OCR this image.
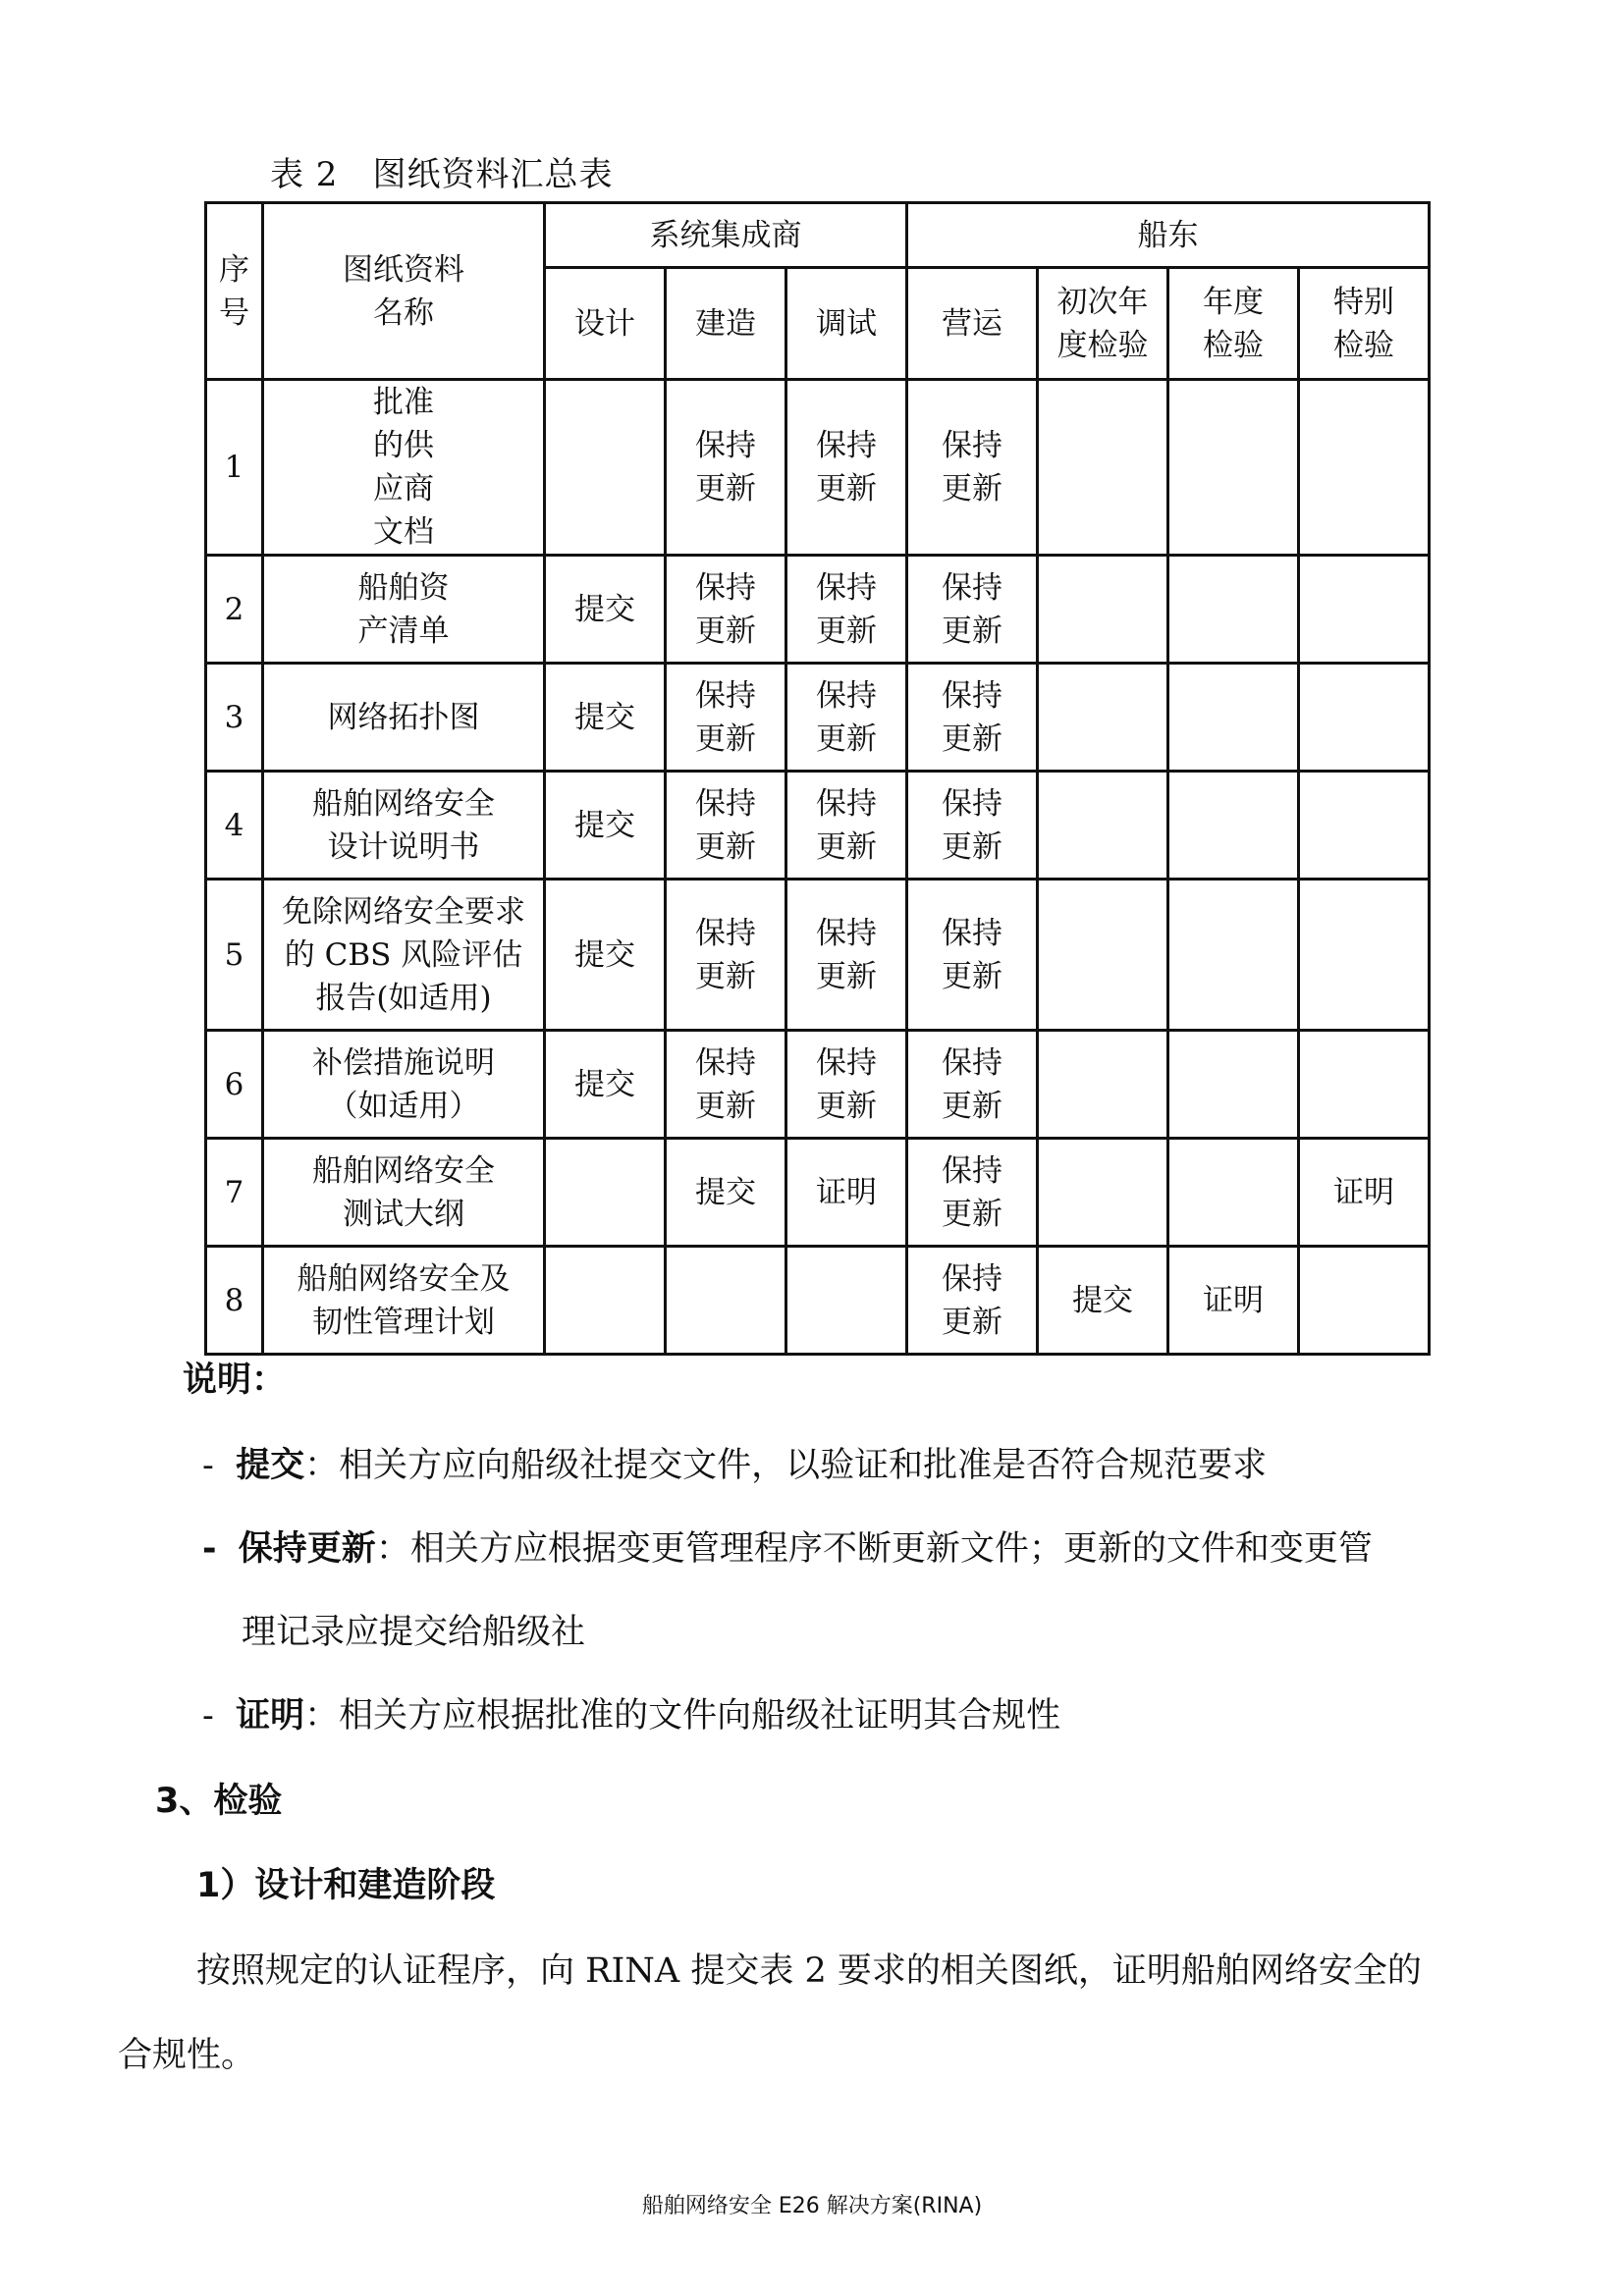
表 2　图纸资料汇总表
序号	图纸资料名称	系统集成商			船东			
		设计	建造	调试	营运	初次年度检验	年度检验	特别检验

1	批准的供应商文档		保持更新	保持更新	保持更新			

2	船舶资产清单	提交	保持更新	保持更新	保持更新			

3	网络拓扑图	提交	保持更新	保持更新	保持更新			

4	船舶网络安全设计说明书	提交	保持更新	保持更新	保持更新			

5	免除网络安全要求的 CBS 风险评估报告(如适用)	提交	保持更新	保持更新	保持更新			

6	补偿措施说明（如适用）	提交	保持更新	保持更新	保持更新			

7	船舶网络安全测试大纲		提交	证明	保持更新			证明

8	船舶网络安全及韧性管理计划				保持更新	提交	证明	

说明：
- 提交：相关方应向船级社提交文件，以验证和批准是否符合规范要求
- 保持更新：相关方应根据变更管理程序不断更新文件；更新的文件和变更管
理记录应提交给船级社
- 证明：相关方应根据批准的文件向船级社证明其合规性
3、检验
1）设计和建造阶段
按照规定的认证程序，向 RINA 提交表 2 要求的相关图纸，证明船舶网络安全的
合规性。
船舶网络安全 E26 解决方案(RINA)
